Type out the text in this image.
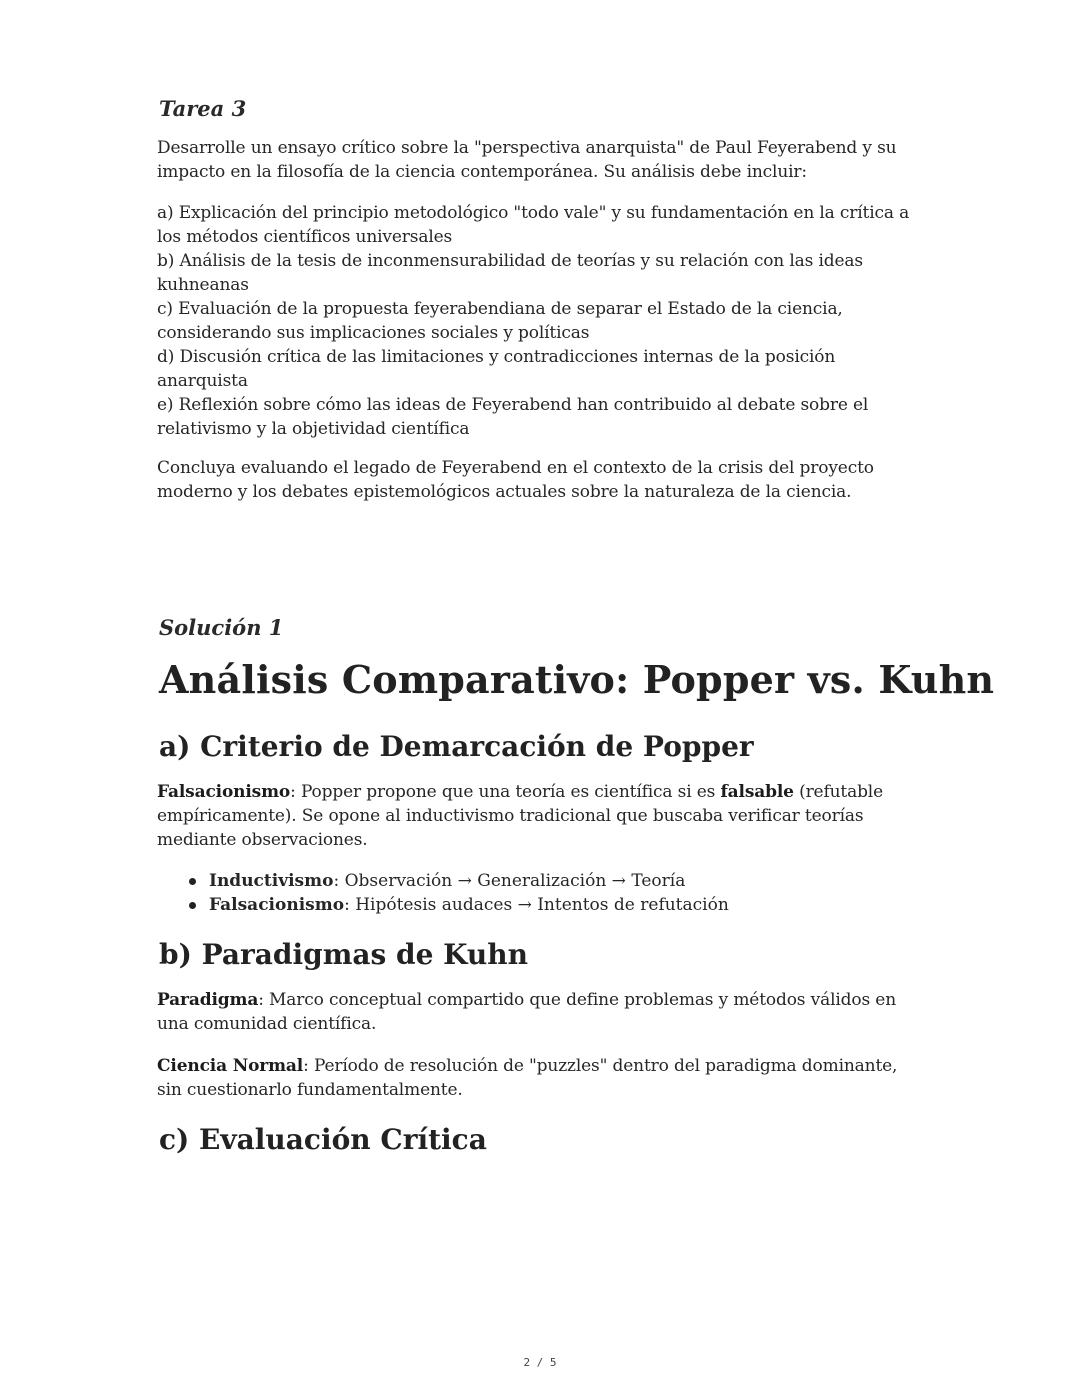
Tarea 3

Desarrolle un ensayo crítico sobre la "perspectiva anarquista" de Paul Feyerabend y su impacto en la filosofía de la ciencia contemporánea. Su análisis debe incluir:

a) Explicación del principio metodológico "todo vale" y su fundamentación en la crítica a los métodos científicos universales
b) Análisis de la tesis de inconmensurabilidad de teorías y su relación con las ideas kuhneanas
c) Evaluación de la propuesta feyerabendiana de separar el Estado de la ciencia, considerando sus implicaciones sociales y políticas
d) Discusión crítica de las limitaciones y contradicciones internas de la posición anarquista
e) Reflexión sobre cómo las ideas de Feyerabend han contribuido al debate sobre el relativismo y la objetividad científica

Concluya evaluando el legado de Feyerabend en el contexto de la crisis del proyecto moderno y los debates epistemológicos actuales sobre la naturaleza de la ciencia.

Solución 1
Análisis Comparativo: Popper vs. Kuhn
a) Criterio de Demarcación de Popper

Falsacionismo: Popper propone que una teoría es científica si es falsable (refutable empíricamente). Se opone al inductivismo tradicional que buscaba verificar teorías mediante observaciones.

Inductivismo: Observación → Generalización → Teoría
Falsacionismo: Hipótesis audaces → Intentos de refutación
b) Paradigmas de Kuhn

Paradigma: Marco conceptual compartido que define problemas y métodos válidos en una comunidad científica.

Ciencia Normal: Período de resolución de "puzzles" dentro del paradigma dominante, sin cuestionarlo fundamentalmente.

c) Evaluación Crítica
2 / 5
